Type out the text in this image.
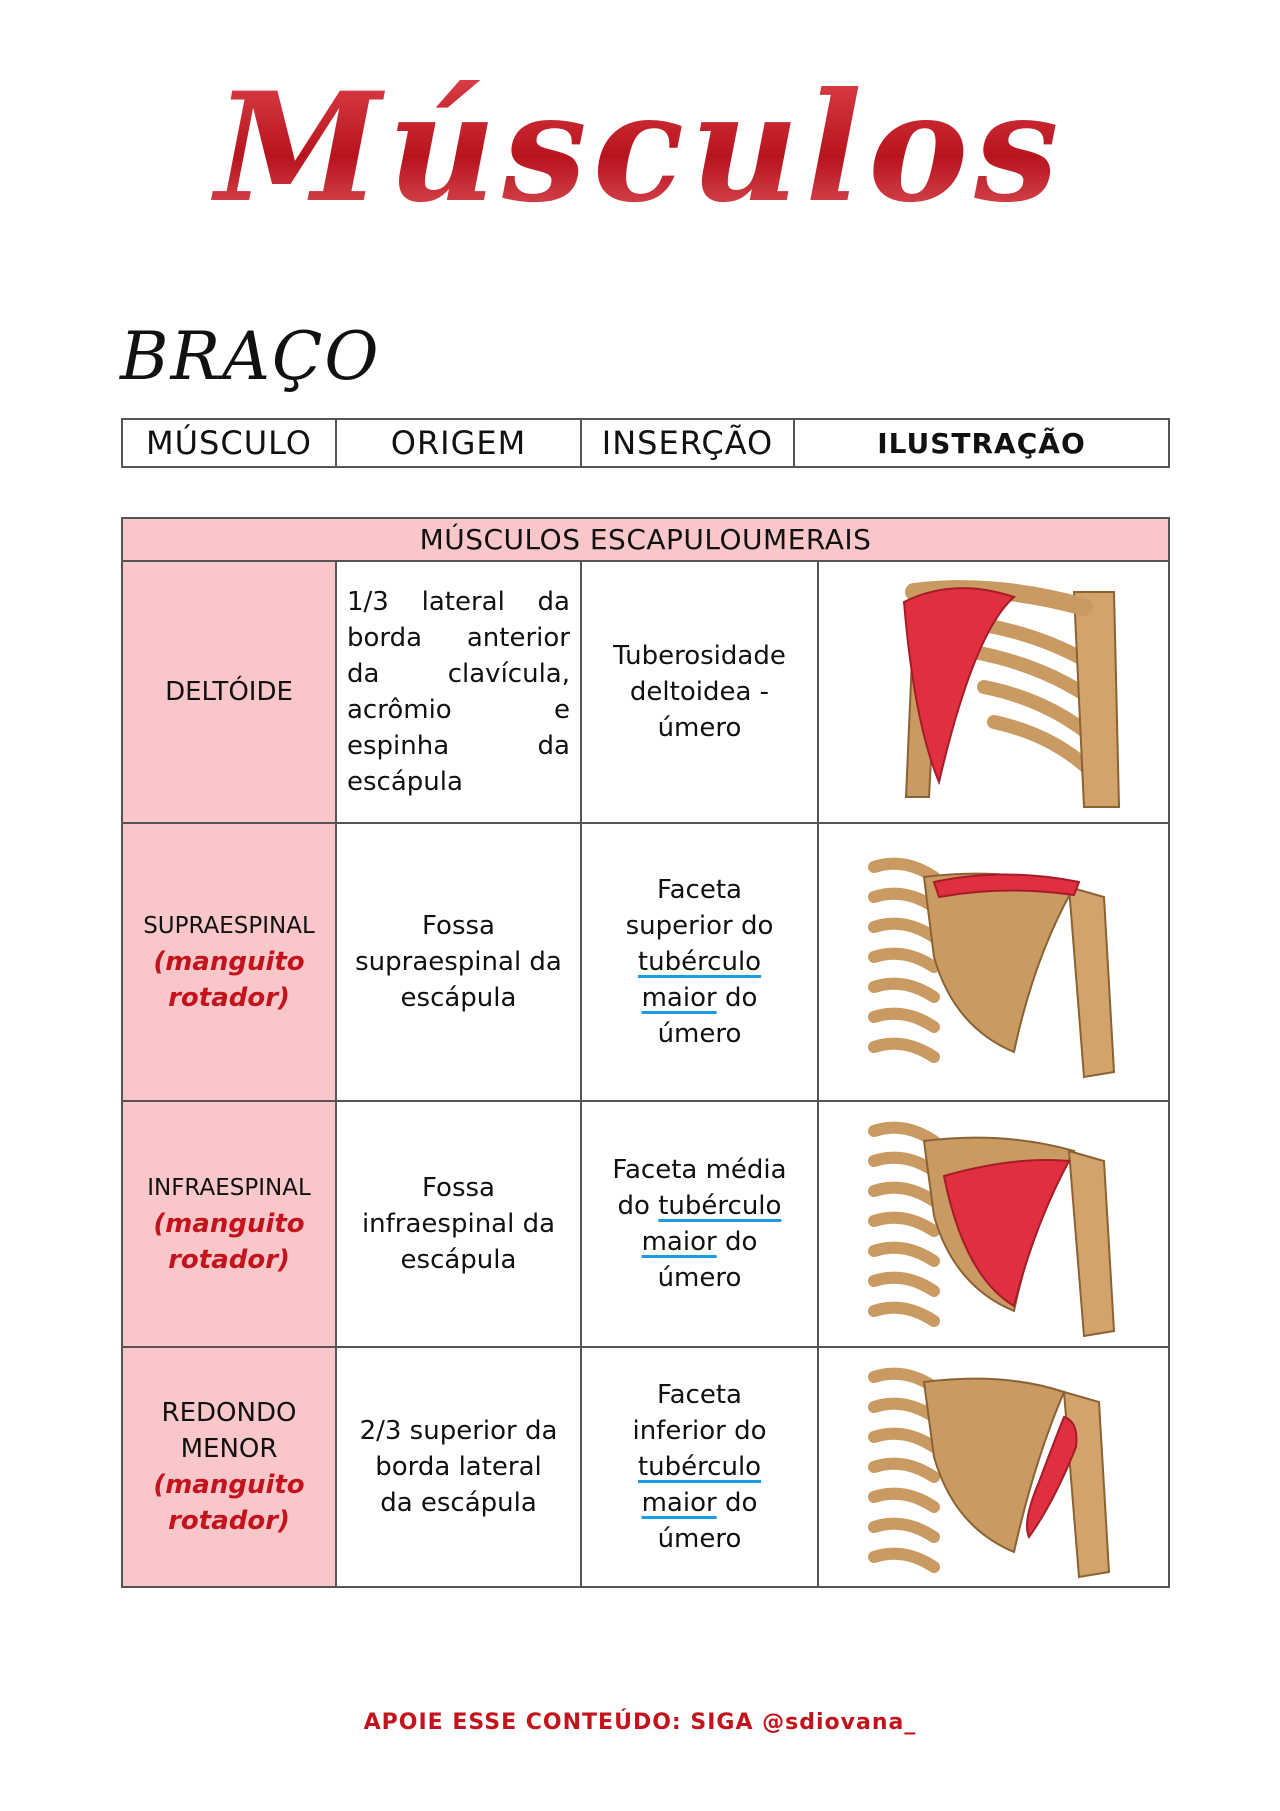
Músculos
BRAÇO
MÚSCULO	ORIGEM	INSERÇÃO	ILUSTRAÇÃO
MÚSCULOS ESCAPULOUMERAIS			

DELTÓIDE	1/3 lateral da borda anterior da clavícula, acrômio e espinha da escápula	Tuberosidade deltoidea - úmero	

SUPRAESPINAL
(manguito rotador)	Fossa supraespinal da escápula	Faceta superior do tubérculo maior do úmero	

INFRAESPINAL
(manguito rotador)	Fossa infraespinal da escápula	Faceta média do tubérculo maior do úmero	

REDONDO MENOR
(manguito rotador)	2/3 superior da borda lateral da escápula	Faceta inferior do tubérculo maior do úmero	
APOIE ESSE CONTEÚDO: SIGA @sdiovana_
